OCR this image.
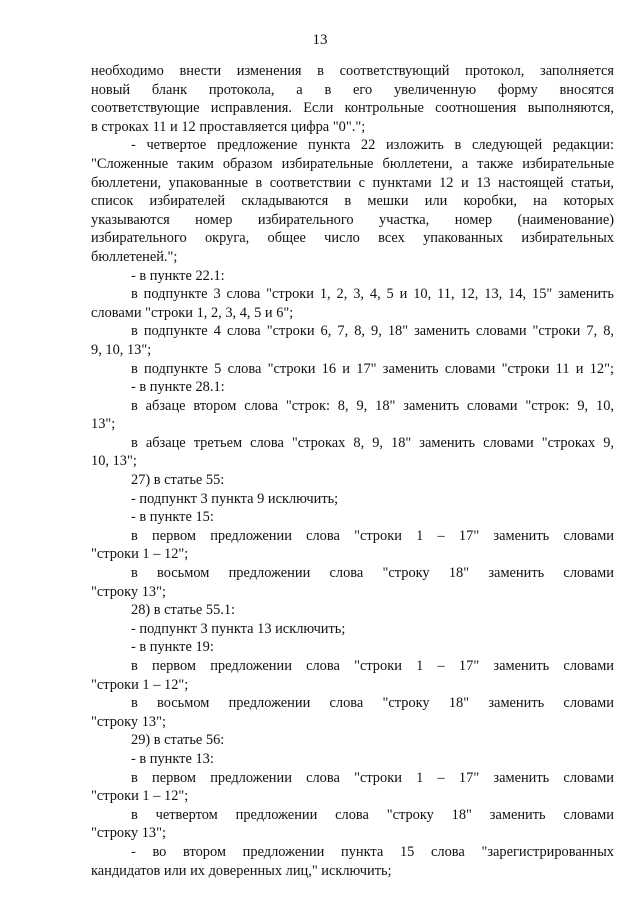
13
необходимо внести изменения в соответствующий протокол, заполняется
новый бланк протокола, а в его увеличенную форму вносятся
соответствующие исправления. Если контрольные соотношения выполняются,
в строках 11 и 12 проставляется цифра "0".";
- четвертое предложение пункта 22 изложить в следующей редакции:
"Сложенные таким образом избирательные бюллетени, а также избирательные
бюллетени, упакованные в соответствии с пунктами 12 и 13 настоящей статьи,
список избирателей складываются в мешки или коробки, на которых
указываются номер избирательного участка, номер (наименование)
избирательного округа, общее число всех упакованных избирательных
бюллетеней.";
- в пункте 22.1:
в подпункте 3 слова "строки 1, 2, 3, 4, 5 и 10, 11, 12, 13, 14, 15" заменить
словами "строки 1, 2, 3, 4, 5 и 6";
в подпункте 4 слова "строки 6, 7, 8, 9, 18" заменить словами "строки 7, 8,
9, 10, 13";
в подпункте 5 слова "строки 16 и 17" заменить словами "строки 11 и 12";
- в пункте 28.1:
в абзаце втором слова "строк: 8, 9, 18" заменить словами "строк: 9, 10,
13";
в абзаце третьем слова "строках 8, 9, 18" заменить словами "строках 9,
10, 13";
27) в статье 55:
- подпункт 3 пункта 9 исключить;
- в пункте 15:
в первом предложении слова "строки 1 – 17" заменить словами
"строки 1 – 12";
в восьмом предложении слова "строку 18" заменить словами
"строку 13";
28) в статье 55.1:
- подпункт 3 пункта 13 исключить;
- в пункте 19:
в первом предложении слова "строки 1 – 17" заменить словами
"строки 1 – 12";
в восьмом предложении слова "строку 18" заменить словами
"строку 13";
29) в статье 56:
- в пункте 13:
в первом предложении слова "строки 1 – 17" заменить словами
"строки 1 – 12";
в четвертом предложении слова "строку 18" заменить словами
"строку 13";
- во втором предложении пункта 15 слова "зарегистрированных
кандидатов или их доверенных лиц," исключить;
